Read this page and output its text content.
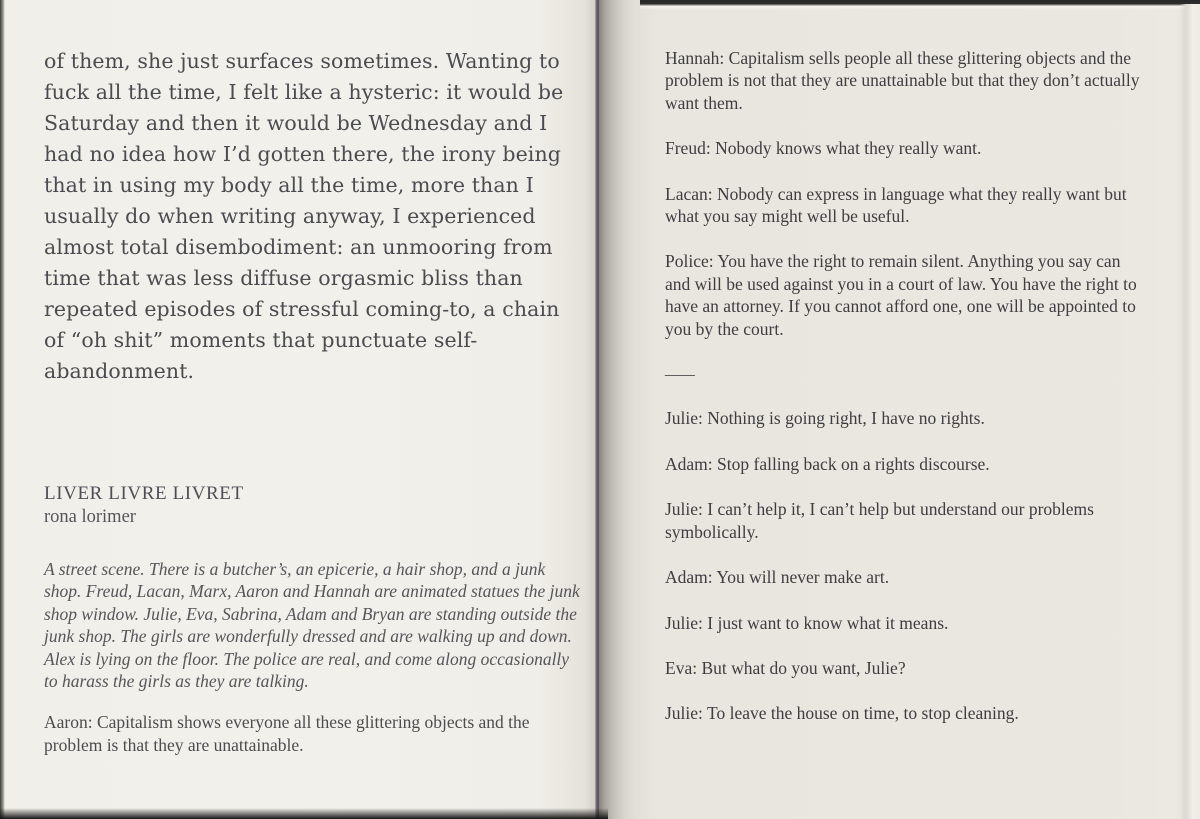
of them, she just surfaces sometimes. Wanting to fuck all the time, I felt like a hysteric: it would be Saturday and then it would be Wednesday and I had no idea how I’d gotten there, the irony being that in using my body all the time, more than I usually do when writing anyway, I experienced almost total disembodiment: an unmooring from time that was less diffuse orgasmic bliss than repeated episodes of stressful coming-to, a chain of “oh shit” moments that punctuate self-abandonment.

LIVER LIVRE LIVRET

rona lorimer

A street scene. There is a butcher’s, an epicerie, a hair shop, and a junk shop. Freud, Lacan, Marx, Aaron and Hannah are animated statues the junk shop window. Julie, Eva, Sabrina, Adam and Bryan are standing outside the junk shop. The girls are wonderfully dressed and are walking up and down. Alex is lying on the floor. The police are real, and come along occasionally to harass the girls as they are talking.

Aaron: Capitalism shows everyone all these glittering objects and the problem is that they are unattainable.

Hannah: Capitalism sells people all these glittering objects and the problem is not that they are unattainable but that they don’t actually want them.

Freud: Nobody knows what they really want.

Lacan: Nobody can express in language what they really want but what you say might well be useful.

Police: You have the right to remain silent. Anything you say can and will be used against you in a court of law. You have the right to have an attorney. If you cannot afford one, one will be appointed to you by the court.

—

Julie: Nothing is going right, I have no rights.

Adam: Stop falling back on a rights discourse.

Julie: I can’t help it, I can’t help but understand our problems symbolically.

Adam: You will never make art.

Julie: I just want to know what it means.

Eva: But what do you want, Julie?

Julie: To leave the house on time, to stop cleaning.
